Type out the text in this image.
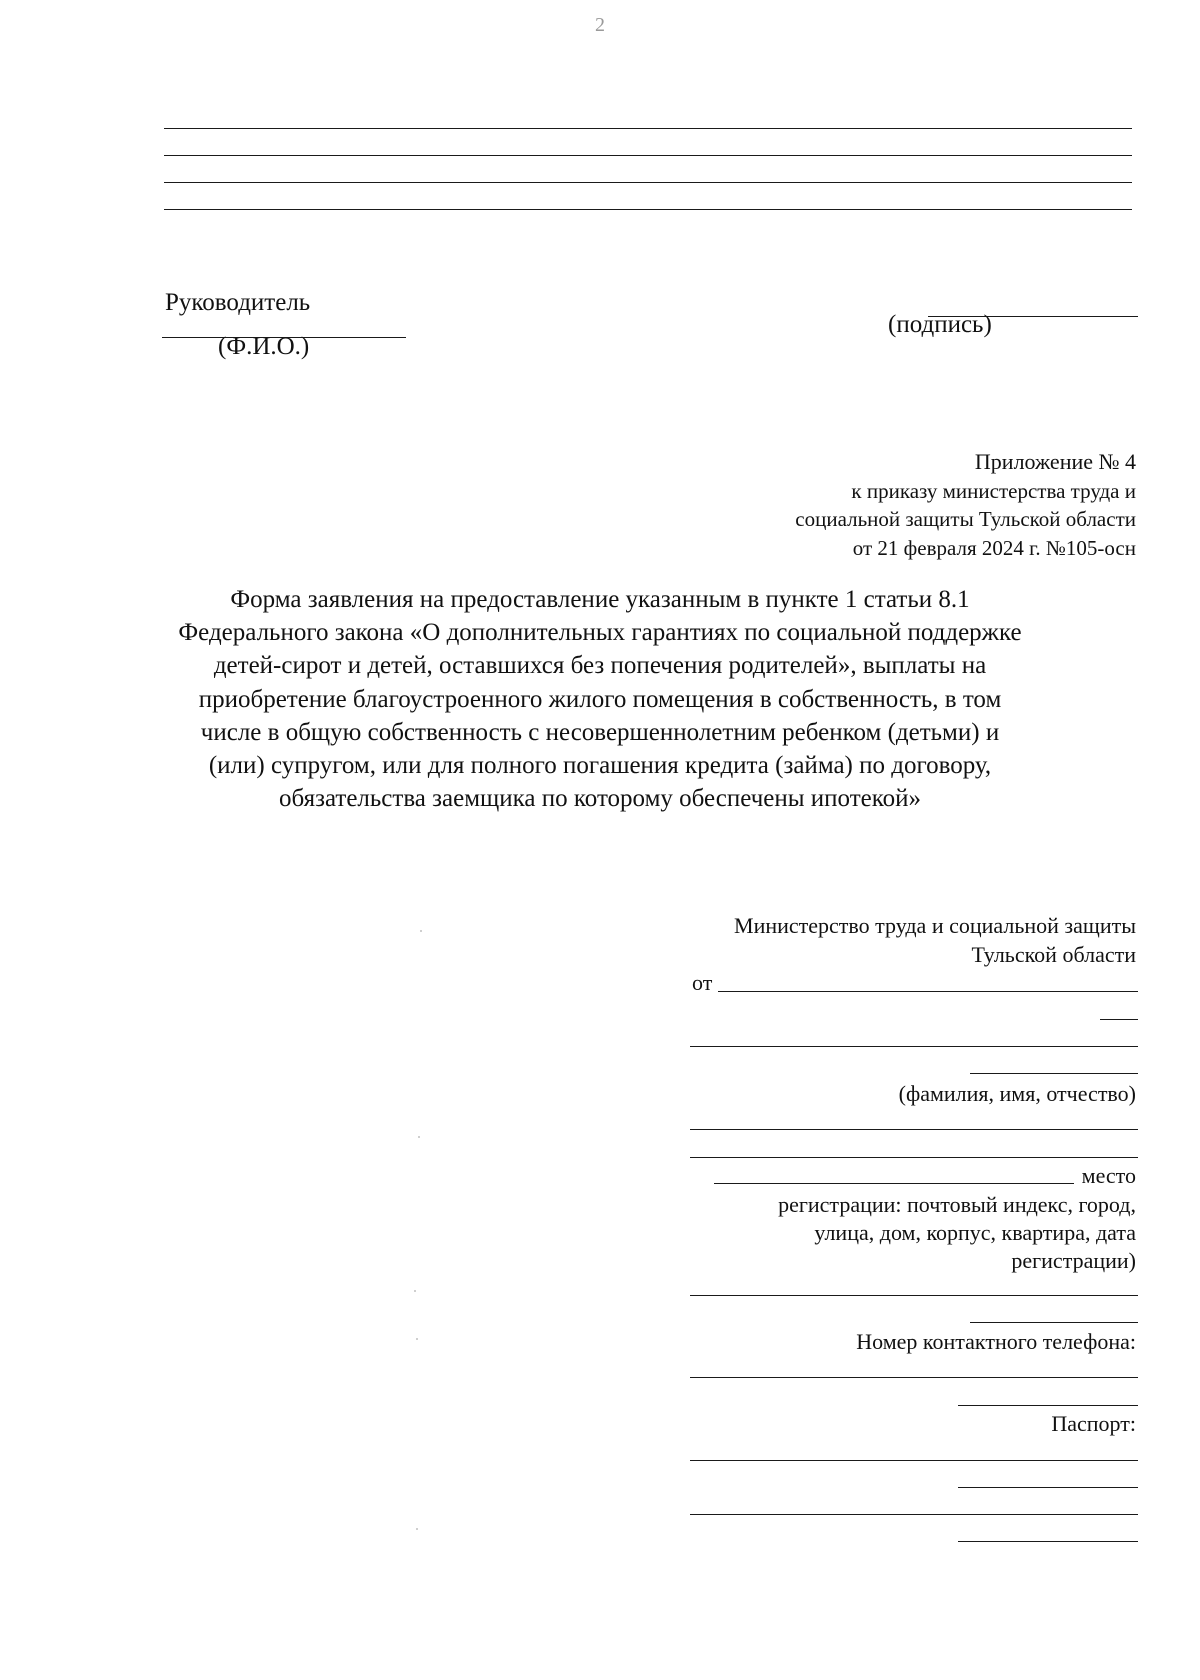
2
Руководитель
(Ф.И.О.)
(подпись)
Приложение № 4
к приказу министерства труда и
социальной защиты Тульской области
от 21 февраля 2024 г. №105-осн
Форма заявления на предоставление указанным в пункте 1 статьи 8.1
Федерального закона «О дополнительных гарантиях по социальной поддержке
детей-сирот и детей, оставшихся без попечения родителей», выплаты на
приобретение благоустроенного жилого помещения в собственность, в том
числе в общую собственность с несовершеннолетним ребенком (детьми) и
(или) супругом, или для полного погашения кредита (займа) по договору,
обязательства заемщика по которому обеспечены ипотекой»
Министерство труда и социальной защиты
Тульской области
от
(фамилия, имя, отчество)
место
регистрации: почтовый индекс, город,
улица, дом, корпус, квартира, дата
регистрации)
Номер контактного телефона:
Паспорт:
